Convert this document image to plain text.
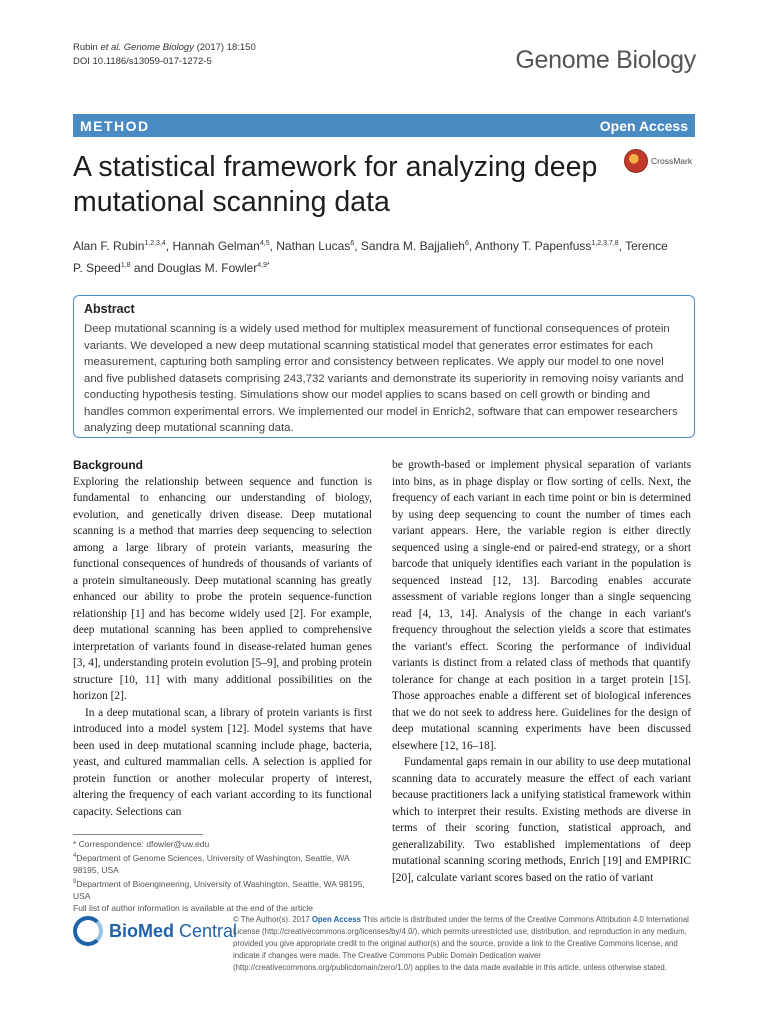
Rubin et al. Genome Biology (2017) 18:150
DOI 10.1186/s13059-017-1272-5	Genome Biology
METHOD	Open Access
A statistical framework for analyzing deep mutational scanning data
CrossMark
Alan F. Rubin$^{1,2,3,4}$, Hannah Gelman$^{4,5}$, Nathan Lucas$^6$, Sandra M. Bajjalieh$^6$, Anthony T. Papenfuss$^{1,2,3,7,8}$, Terence P. Speed$^{1,8}$ and Douglas M. Fowler$^{4,9*}$
Abstract

Deep mutational scanning is a widely used method for multiplex measurement of functional consequences of protein variants. We developed a new deep mutational scanning statistical model that generates error estimates for each measurement, capturing both sampling error and consistency between replicates. We apply our model to one novel and five published datasets comprising 243,732 variants and demonstrate its superiority in removing noisy variants and conducting hypothesis testing. Simulations show our model applies to scans based on cell growth or binding and handles common experimental errors. We implemented our model in Enrich2, software that can empower researchers analyzing deep mutational scanning data.

Background

Exploring the relationship between sequence and function is fundamental to enhancing our understanding of biology, evolution, and genetically driven disease. Deep mutational scanning is a method that marries deep sequencing to selection among a large library of protein variants, measuring the functional consequences of hundreds of thousands of variants of a protein simultaneously. Deep mutational scanning has greatly enhanced our ability to probe the protein sequence-function relationship [1] and has become widely used [2]. For example, deep mutational scanning has been applied to comprehensive interpretation of variants found in disease-related human genes [3, 4], understanding protein evolution [5–9], and probing protein structure [10, 11] with many additional possibilities on the horizon [2].

In a deep mutational scan, a library of protein variants is first introduced into a model system [12]. Model systems that have been used in deep mutational scanning include phage, bacteria, yeast, and cultured mammalian cells. A selection is applied for protein function or another molecular property of interest, altering the frequency of each variant according to its functional capacity. Selections can

be growth-based or implement physical separation of variants into bins, as in phage display or flow sorting of cells. Next, the frequency of each variant in each time point or bin is determined by using deep sequencing to count the number of times each variant appears. Here, the variable region is either directly sequenced using a single-end or paired-end strategy, or a short barcode that uniquely identifies each variant in the population is sequenced instead [12, 13]. Barcoding enables accurate assessment of variable regions longer than a single sequencing read [4, 13, 14]. Analysis of the change in each variant's frequency throughout the selection yields a score that estimates the variant's effect. Scoring the performance of individual variants is distinct from a related class of methods that quantify tolerance for change at each position in a target protein [15]. Those approaches enable a different set of biological inferences that we do not seek to address here. Guidelines for the design of deep mutational scanning experiments have been discussed elsewhere [12, 16–18].

Fundamental gaps remain in our ability to use deep mutational scanning data to accurately measure the effect of each variant because practitioners lack a unifying statistical framework within which to interpret their results. Existing methods are diverse in terms of their scoring function, statistical approach, and generalizability. Two established implementations of deep mutational scanning scoring methods, Enrich [19] and EMPIRIC [20], calculate variant scores based on the ratio of variant

* Correspondence: dfowler@uw.edu
$^4$Department of Genome Sciences, University of Washington, Seattle, WA 98195, USA
$^9$Department of Bioengineering, University of Washington, Seattle, WA 98195, USA
Full list of author information is available at the end of the article
BioMed Central
© The Author(s). 2017 Open Access This article is distributed under the terms of the Creative Commons Attribution 4.0 International License (http://creativecommons.org/licenses/by/4.0/), which permits unrestricted use, distribution, and reproduction in any medium, provided you give appropriate credit to the original author(s) and the source, provide a link to the Creative Commons license, and indicate if changes were made. The Creative Commons Public Domain Dedication waiver (http://creativecommons.org/publicdomain/zero/1.0/) applies to the data made available in this article, unless otherwise stated.
